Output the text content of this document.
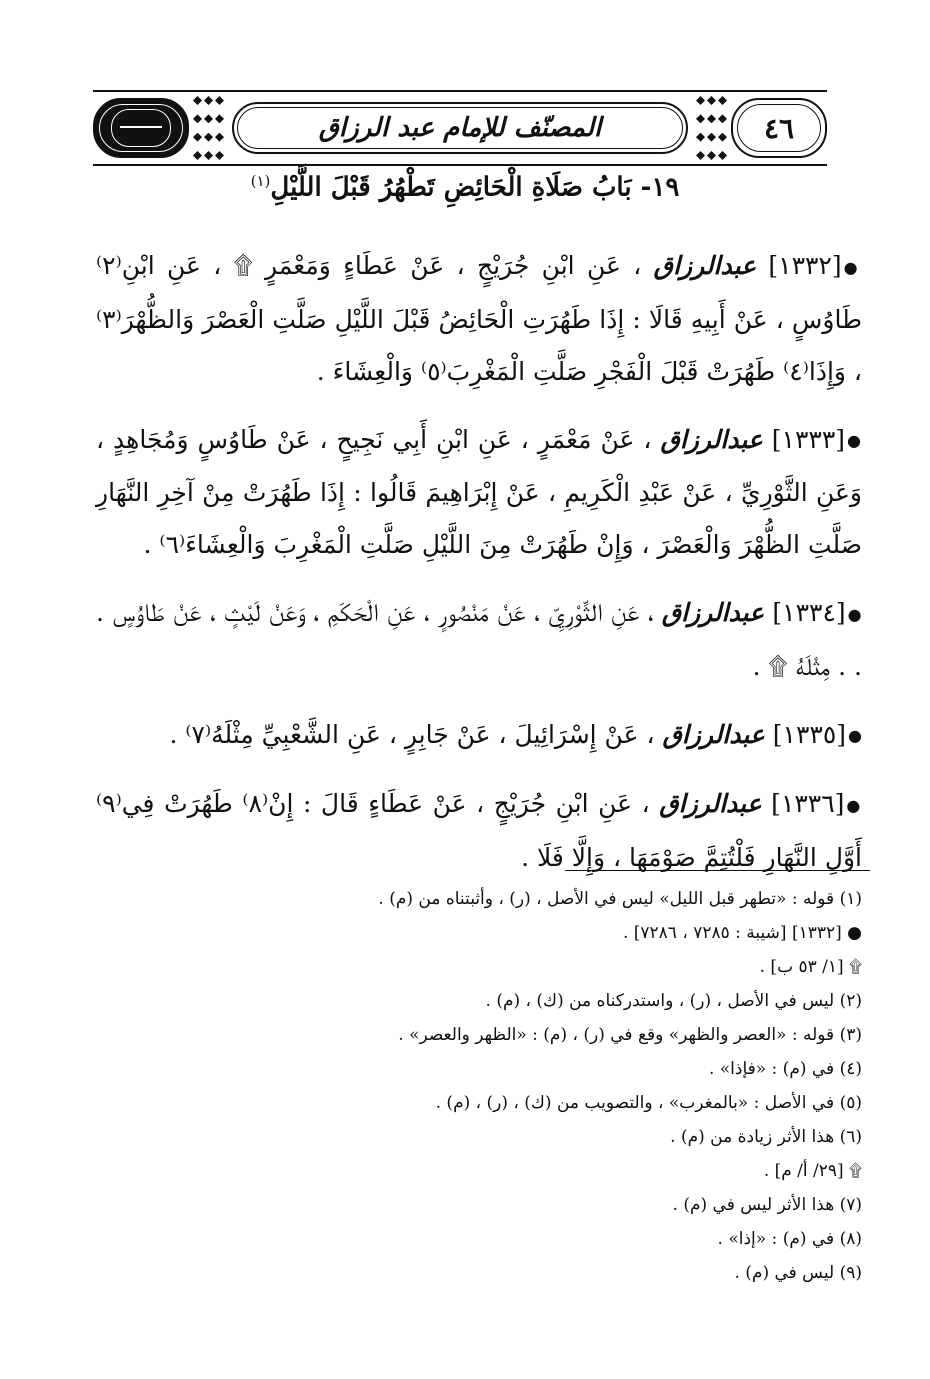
المصنّف للإمام عبد الرزاق	٤٦
١٩- بَابُ صَلَاةِ الْحَائِضِ تَطْهُرُ قَبْلَ اللَّيْلِ$^{(١)}$

●[١٣٣٢] عبدالرزاق ، عَنِ ابْنِ جُرَيْجٍ ، عَنْ عَطَاءٍ وَمَعْمَرٍ ۩ ، عَنِ ابْنِ⁽٢⁾ طَاوُسٍ ، عَنْ أَبِيهِ قَالَا : إِذَا طَهُرَتِ الْحَائِضُ قَبْلَ اللَّيْلِ صَلَّتِ الْعَصْرَ وَالظُّهْرَ⁽٣⁾ ، وَإِذَا⁽٤⁾ طَهُرَتْ قَبْلَ الْفَجْرِ صَلَّتِ الْمَغْرِبَ⁽٥⁾ وَالْعِشَاءَ .

●[١٣٣٣] عبدالرزاق ، عَنْ مَعْمَرٍ ، عَنِ ابْنِ أَبِي نَجِيحٍ ، عَنْ طَاوُسٍ وَمُجَاهِدٍ ، وَعَنِ الثَّوْرِيِّ ، عَنْ عَبْدِ الْكَرِيمِ ، عَنْ إِبْرَاهِيمَ قَالُوا : إِذَا طَهُرَتْ مِنْ آخِرِ النَّهَارِ صَلَّتِ الظُّهْرَ وَالْعَصْرَ ، وَإِنْ طَهُرَتْ مِنَ اللَّيْلِ صَلَّتِ الْمَغْرِبَ وَالْعِشَاءَ⁽٦⁾ .

●[١٣٣٤] عبدالرزاق ، عَنِ الثَّوْرِيِّ ، عَنْ مَنْصُورٍ ، عَنِ الْحَكَمِ ، وَعَنْ لَيْثٍ ، عَنْ طَاوُسٍ . . . مِثْلَهُ ۩ .

●[١٣٣٥] عبدالرزاق ، عَنْ إِسْرَائِيلَ ، عَنْ جَابِرٍ ، عَنِ الشَّعْبِيِّ مِثْلَهُ⁽٧⁾ .

●[١٣٣٦] عبدالرزاق ، عَنِ ابْنِ جُرَيْجٍ ، عَنْ عَطَاءٍ قَالَ : إِنْ⁽٨⁾ طَهُرَتْ فِي⁽٩⁾ أَوَّلِ النَّهَارِ فَلْتُتِمَّ صَوْمَهَا ، وَإِلَّا فَلَا .

(١) قوله : «تطهر قبل الليل» ليس في الأصل ، (ر) ، وأثبتناه من (م) .

● [١٣٣٢] [شيبة : ٧٢٨٥ ، ٧٢٨٦] .

۩ [١/ ٥٣ ب] .

(٢) ليس في الأصل ، (ر) ، واستدركناه من (ك) ، (م) .

(٣) قوله : «العصر والظهر» وقع في (ر) ، (م) : «الظهر والعصر» .

(٤) في (م) : «فإذا» .

(٥) في الأصل : «بالمغرب» ، والتصويب من (ك) ، (ر) ، (م) .

(٦) هذا الأثر زيادة من (م) .

۩ [٢٩/ أ/ م] .

(٧) هذا الأثر ليس في (م) .

(٨) في (م) : «إذا» .

(٩) ليس في (م) .
